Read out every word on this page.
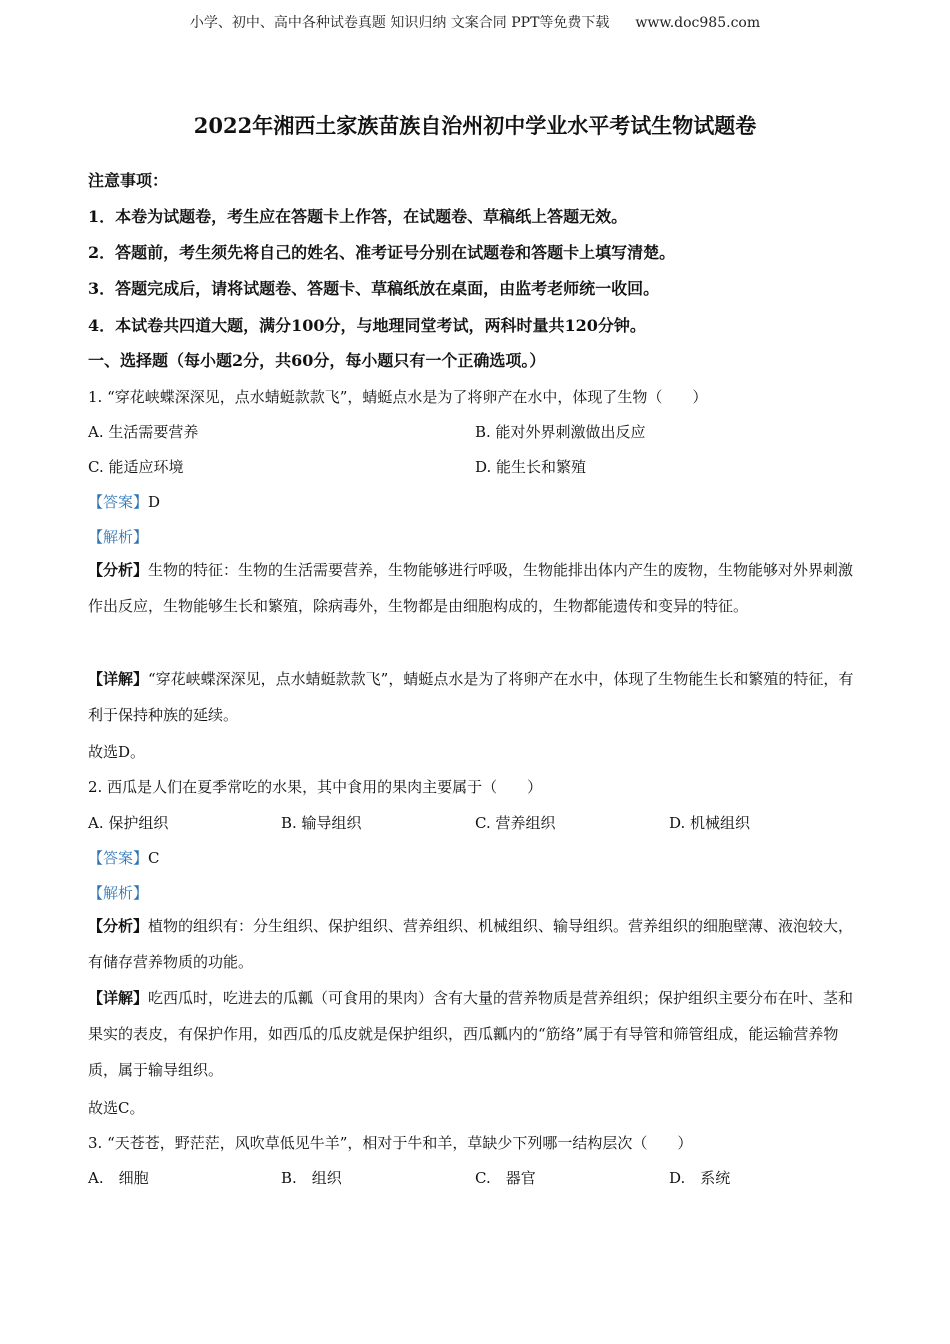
小学、初中、高中各种试卷真题 知识归纳 文案合同 PPT等免费下载 www.doc985.com
2022年湘西土家族苗族自治州初中学业水平考试生物试题卷
注意事项：
1．本卷为试题卷，考生应在答题卡上作答，在试题卷、草稿纸上答题无效。
2．答题前，考生须先将自己的姓名、准考证号分别在试题卷和答题卡上填写清楚。
3．答题完成后，请将试题卷、答题卡、草稿纸放在桌面，由监考老师统一收回。
4．本试卷共四道大题，满分100分，与地理同堂考试，两科时量共120分钟。
一、选择题（每小题2分，共60分，每小题只有一个正确选项。）
1. “穿花峡蝶深深见，点水蜻蜓款款飞”，蜻蜓点水是为了将卵产在水中，体现了生物（　　）
A. 生活需要营养	B. 能对外界刺激做出反应
C. 能适应环境	D. 能生长和繁殖
【答案】D
【解析】
【分析】生物的特征：生物的生活需要营养，生物能够进行呼吸，生物能排出体内产生的废物，生物能够对外界刺激作出反应，生物能够生长和繁殖，除病毒外，生物都是由细胞构成的，生物都能遗传和变异的特征。
【详解】“穿花峡蝶深深见，点水蜻蜓款款飞”，蜻蜓点水是为了将卵产在水中，体现了生物能生长和繁殖的特征，有利于保持种族的延续。
故选D。
2. 西瓜是人们在夏季常吃的水果，其中食用的果肉主要属于（　　）
A. 保护组织	B. 输导组织	C. 营养组织	D. 机械组织
【答案】C
【解析】
【分析】植物的组织有：分生组织、保护组织、营养组织、机械组织、输导组织。营养组织的细胞壁薄、液泡较大，有储存营养物质的功能。
【详解】吃西瓜时，吃进去的瓜瓤（可食用的果肉）含有大量的营养物质是营养组织；保护组织主要分布在叶、茎和果实的表皮，有保护作用，如西瓜的瓜皮就是保护组织，西瓜瓤内的“筋络”属于有导管和筛管组成，能运输营养物质，属于输导组织。
故选C。
3. “天苍苍，野茫茫，风吹草低见牛羊”，相对于牛和羊，草缺少下列哪一结构层次（　　）
A.　细胞	B.　组织	C.　器官	D.　系统
